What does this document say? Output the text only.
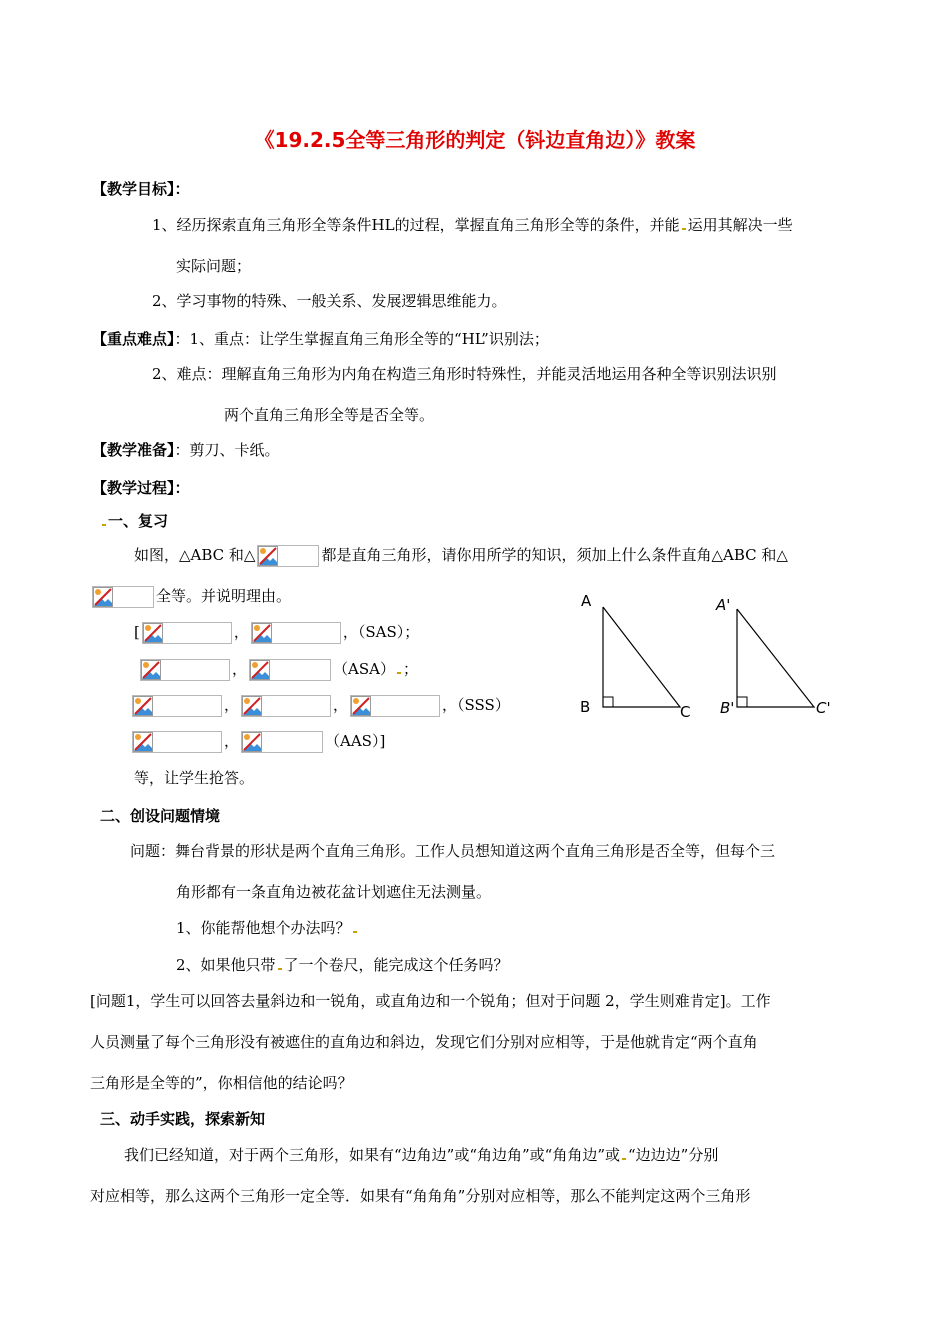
《19.2.5全等三角形的判定（钭边直角边）》教案
【教学目标】：
1、经历探索直角三角形全等条件HL的过程，掌握直角三角形全等的条件，并能 运用其解决一些
实际问题；
2、学习事物的特殊、一般关系、发展逻辑思维能力。
【重点难点】：1、重点：让学生掌握直角三角形全等的“HL”识别法；
2、难点：理解直角三角形为内角在构造三角形时特殊性，并能灵活地运用各种全等识别法识别
两个直角三角形全等是否全等。
【教学准备】：剪刀、卡纸。
【教学过程】：
一、复习
如图，△ABC 和△	都是直角三角形，请你用所学的知识，须加上什么条件直角△ABC 和△
全等。并说明理由。
[	，	，（SAS）；
，	（ASA） ；
，	，	，（SSS）
，	（AAS）]
等，让学生抢答。
A
B	C
A'
B'	C'
二、创设问题情境
问题：舞台背景的形状是两个直角三角形。工作人员想知道这两个直角三角形是否全等，但每个三
角形都有一条直角边被花盆计划遮住无法测量。
1、你能帮他想个办法吗？
2、如果他只带 了一个卷尺，能完成这个任务吗？
[问题1，学生可以回答去量斜边和一锐角，或直角边和一个锐角；但对于问题 2，学生则难肯定]。工作
人员测量了每个三角形没有被遮住的直角边和斜边，发现它们分别对应相等，于是他就肯定“两个直角
三角形是全等的”，你相信他的结论吗？
三、动手实践，探索新知
我们已经知道，对于两个三角形，如果有“边角边”或“角边角”或“角角边”或 “边边边”分别
对应相等，那么这两个三角形一定全等．如果有“角角角”分别对应相等，那么不能判定这两个三角形
